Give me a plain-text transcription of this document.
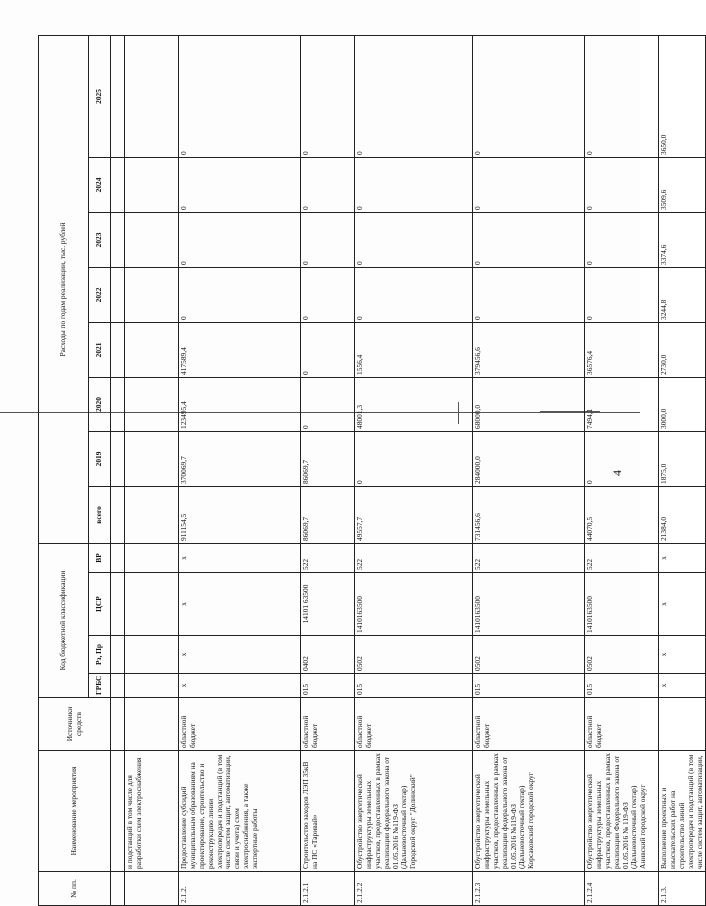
4
№ пп.	Наименование мероприятия	Источники средств	Код бюджетной классификации				Расходы по годам реализации, тыс. рублей							
			ГРБС	Рз, Пр	ЦСР	ВР	всего	2019	2020	2021	2022	2023	2024	2025

	и подстанций в том числе для разработки схем электроснабжения													
2.1.2.	Предоставление субсидий муниципальным образованиям на проектирование, строительство и реконструкцию линии электропередач и подстанций (в том числе систем защит, автоматизации, связи и учета) схем электроснабжения, а также экспертные работы	областной бюджет	x	x	x	x	911154,5	370069,7	123495,4	417589,4	0	0	0	0
2.1.2.1	Строительство заходов ЛЭП 35кВ на ПС «Таривай»	областной бюджет	015	0402	14101 63500	522	86069,7	86069,7	0	0	0	0	0	0
2.1.2.2	Обустройство энергетической инфраструктуры земельных участков, предоставленных в рамках реализации федерального закона от 01.05.2016 №119-ФЗ (Дальневосточный гектар) Городской округ "Долинский"	областной бюджет	015	0502	1410163500	522	49557,7	0	48001,3	1556,4	0	0	0	0
2.1.2.3	Обустройство энергетической инфраструктуры земельных участков, предоставленных в рамках реализации федерального закона от 01.05.2016 №119-ФЗ (Дальневосточный гектар) Корсаковский городской округ	областной бюджет	015	0502	1410163500	522	731456,6	284000,0	68000,0	379456,6	0	0	0	0
2.1.2.4	Обустройство энергетической инфраструктуры земельных участков, предоставленных в рамках реализации Федерального закона от 01.05.2016 № 119-ФЗ (Дальневосточный гектар) Анивский городской округ	областной бюджет	015	0502	1410163500	522	44070,5	0	7494,1	36576,4	0	0	0	0
2.1.3.	Выполнение проектных и изыскательских работ на строительство линий электропередач и подстанций (в том числе систем защит, автоматизации,		x	x	x	x	21384,0	1875,0	3000,0	2730,0	3244,8	3374,6	3509,6	3650,0
